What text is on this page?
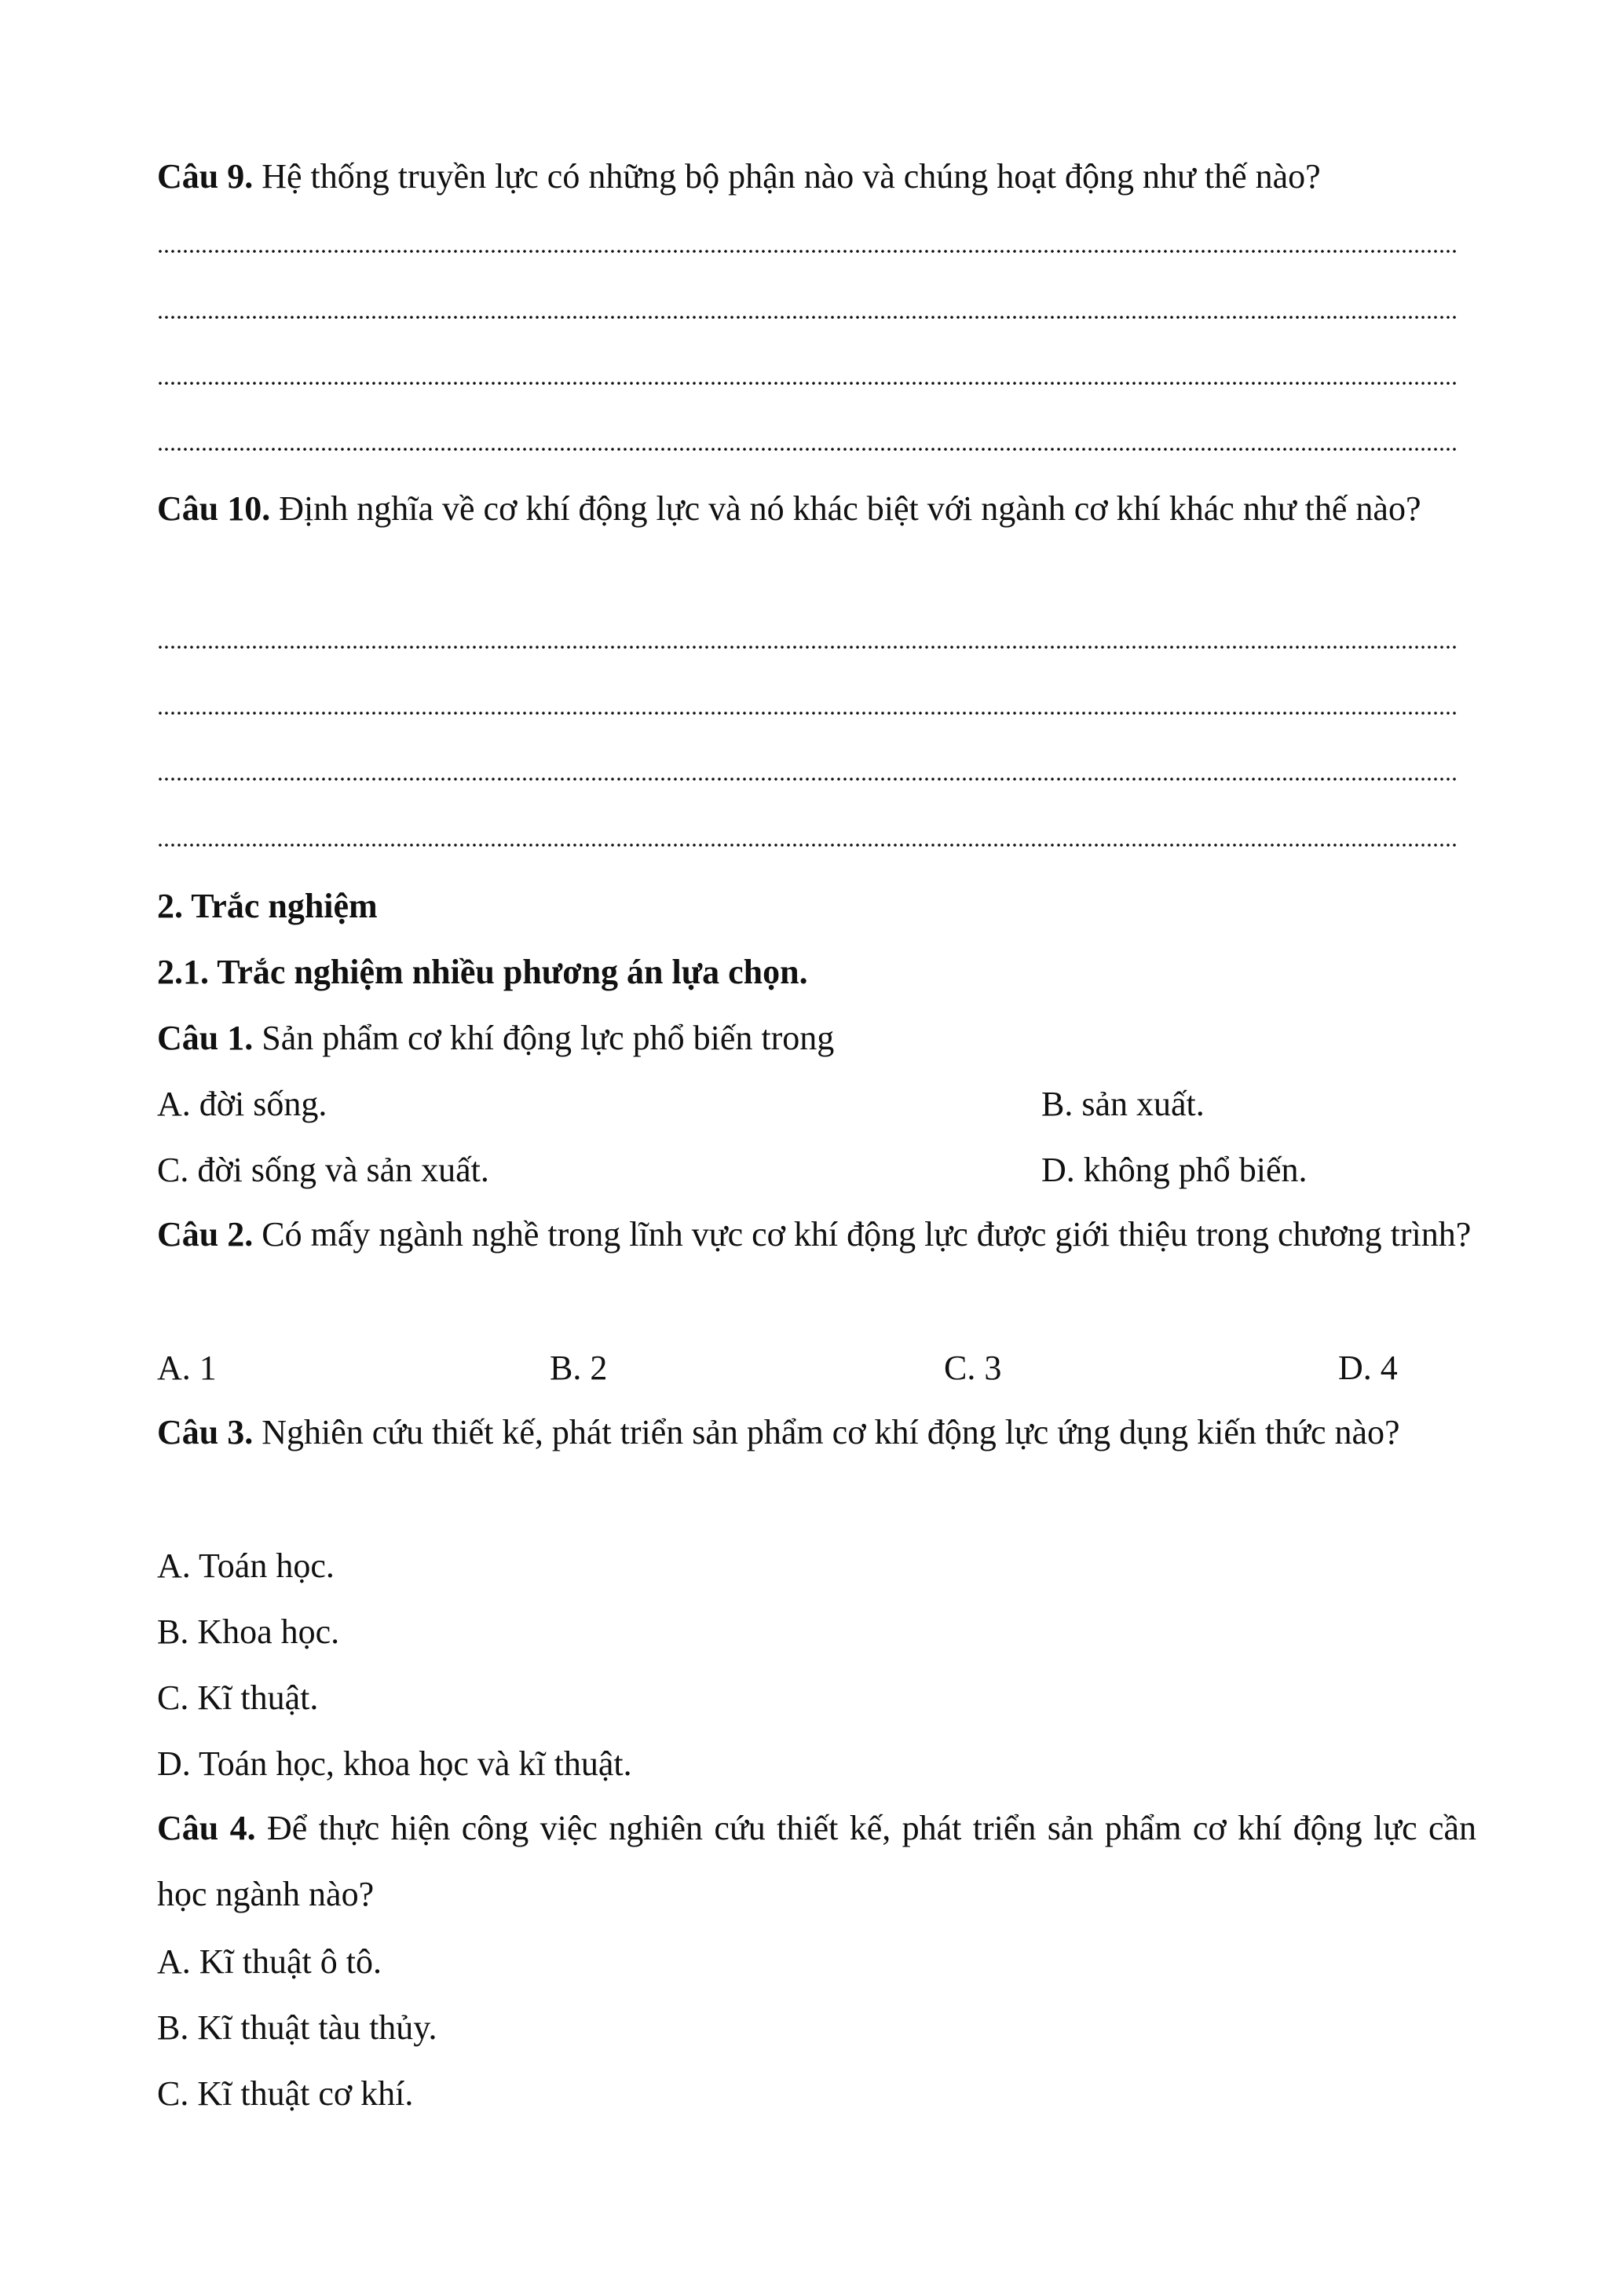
Câu 9. Hệ thống truyền lực có những bộ phận nào và chúng hoạt động như thế nào?
Câu 10. Định nghĩa về cơ khí động lực và nó khác biệt với ngành cơ khí khác như thế nào?
2. Trắc nghiệm
2.1. Trắc nghiệm nhiều phương án lựa chọn.
Câu 1. Sản phẩm cơ khí động lực phổ biến trong
A. đời sống.	B. sản xuất.
C. đời sống và sản xuất.	D. không phổ biến.
Câu 2. Có mấy ngành nghề trong lĩnh vực cơ khí động lực được giới thiệu trong chương trình?
A. 1	B. 2	C. 3	D. 4
Câu 3. Nghiên cứu thiết kế, phát triển sản phẩm cơ khí động lực ứng dụng kiến thức nào?
A. Toán học.
B. Khoa học.
C. Kĩ thuật.
D. Toán học, khoa học và kĩ thuật.
Câu 4. Để thực hiện công việc nghiên cứu thiết kế, phát triển sản phẩm cơ khí động lực cần học ngành nào?
A. Kĩ thuật ô tô.
B. Kĩ thuật tàu thủy.
C. Kĩ thuật cơ khí.
